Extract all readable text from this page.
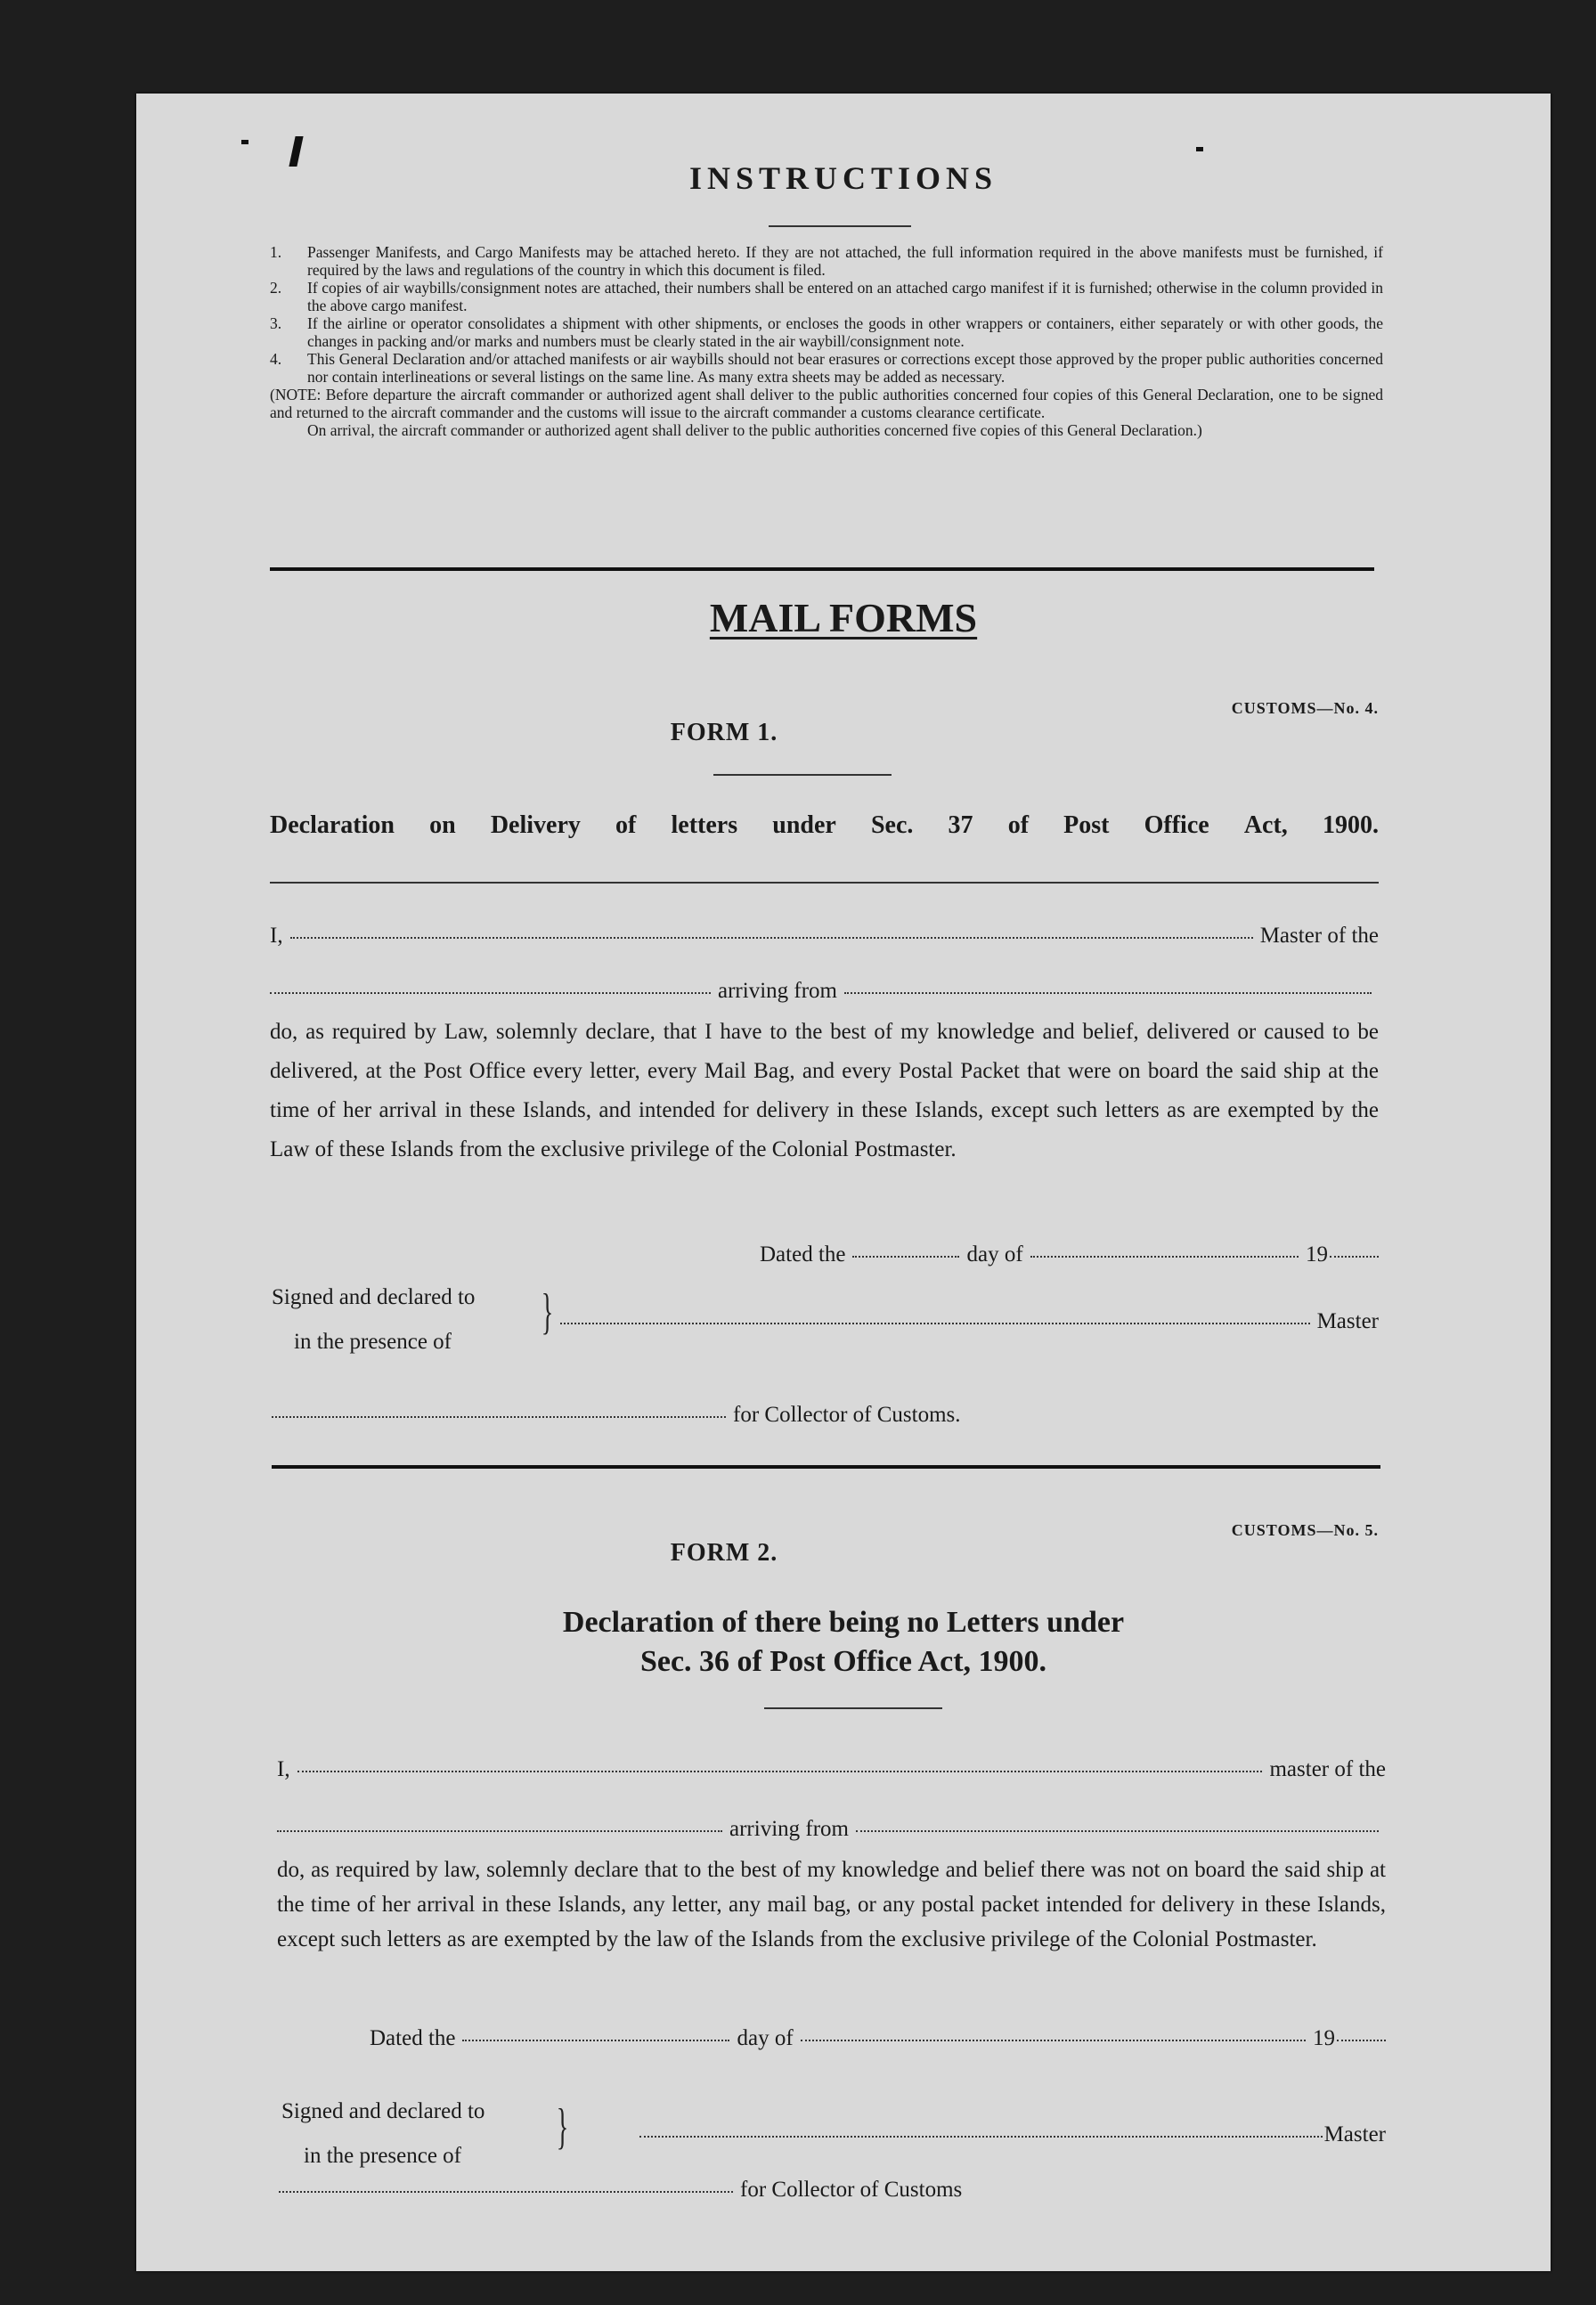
INSTRUCTIONS
1.	Passenger Manifests, and Cargo Manifests may be attached hereto. If they are not attached, the full information required in the above manifests must be furnished, if required by the laws and regulations of the country in which this document is filed.
2.	If copies of air waybills/consignment notes are attached, their numbers shall be entered on an attached cargo manifest if it is furnished; otherwise in the column provided in the above cargo manifest.
3.	If the airline or operator consolidates a shipment with other shipments, or encloses the goods in other wrappers or containers, either separately or with other goods, the changes in packing and/or marks and numbers must be clearly stated in the air waybill/consignment note.
4.	This General Declaration and/or attached manifests or air waybills should not bear erasures or corrections except those approved by the proper public authorities concerned nor contain interlineations or several listings on the same line. As many extra sheets may be added as necessary.
(NOTE: Before departure the aircraft commander or authorized agent shall deliver to the public authorities concerned four copies of this General Declaration, one to be signed and returned to the aircraft commander and the customs will issue to the aircraft commander a customs clearance certificate.
On arrival, the aircraft commander or authorized agent shall deliver to the public authorities concerned five copies of this General Declaration.)
MAIL FORMS
CUSTOMS—No. 4.
FORM 1.
Declaration on Delivery of letters under Sec. 37 of Post Office Act, 1900.
I,	Master of the
arriving from
do, as required by Law, solemnly declare, that I have to the best of my knowledge and belief, delivered or caused to be delivered, at the Post Office every letter, every Mail Bag, and every Postal Packet that were on board the said ship at the time of her arrival in these Islands, and intended for delivery in these Islands, except such letters as are exempted by the Law of these Islands from the exclusive privilege of the Colonial Postmaster.
Dated the	day of	19
Signed and declared to
in the presence of
}	Master
for Collector of Customs.
CUSTOMS—No. 5.
FORM 2.
Declaration of there being no Letters under
Sec. 36 of Post Office Act, 1900.
I,	master of the
arriving from
do, as required by law, solemnly declare that to the best of my knowledge and belief there was not on board the said ship at the time of her arrival in these Islands, any letter, any mail bag, or any postal packet intended for delivery in these Islands, except such letters as are exempted by the law of the Islands from the exclusive privilege of the Colonial Postmaster.
Dated the	day of	19
Signed and declared to
in the presence of
}	Master
for Collector of Customs
